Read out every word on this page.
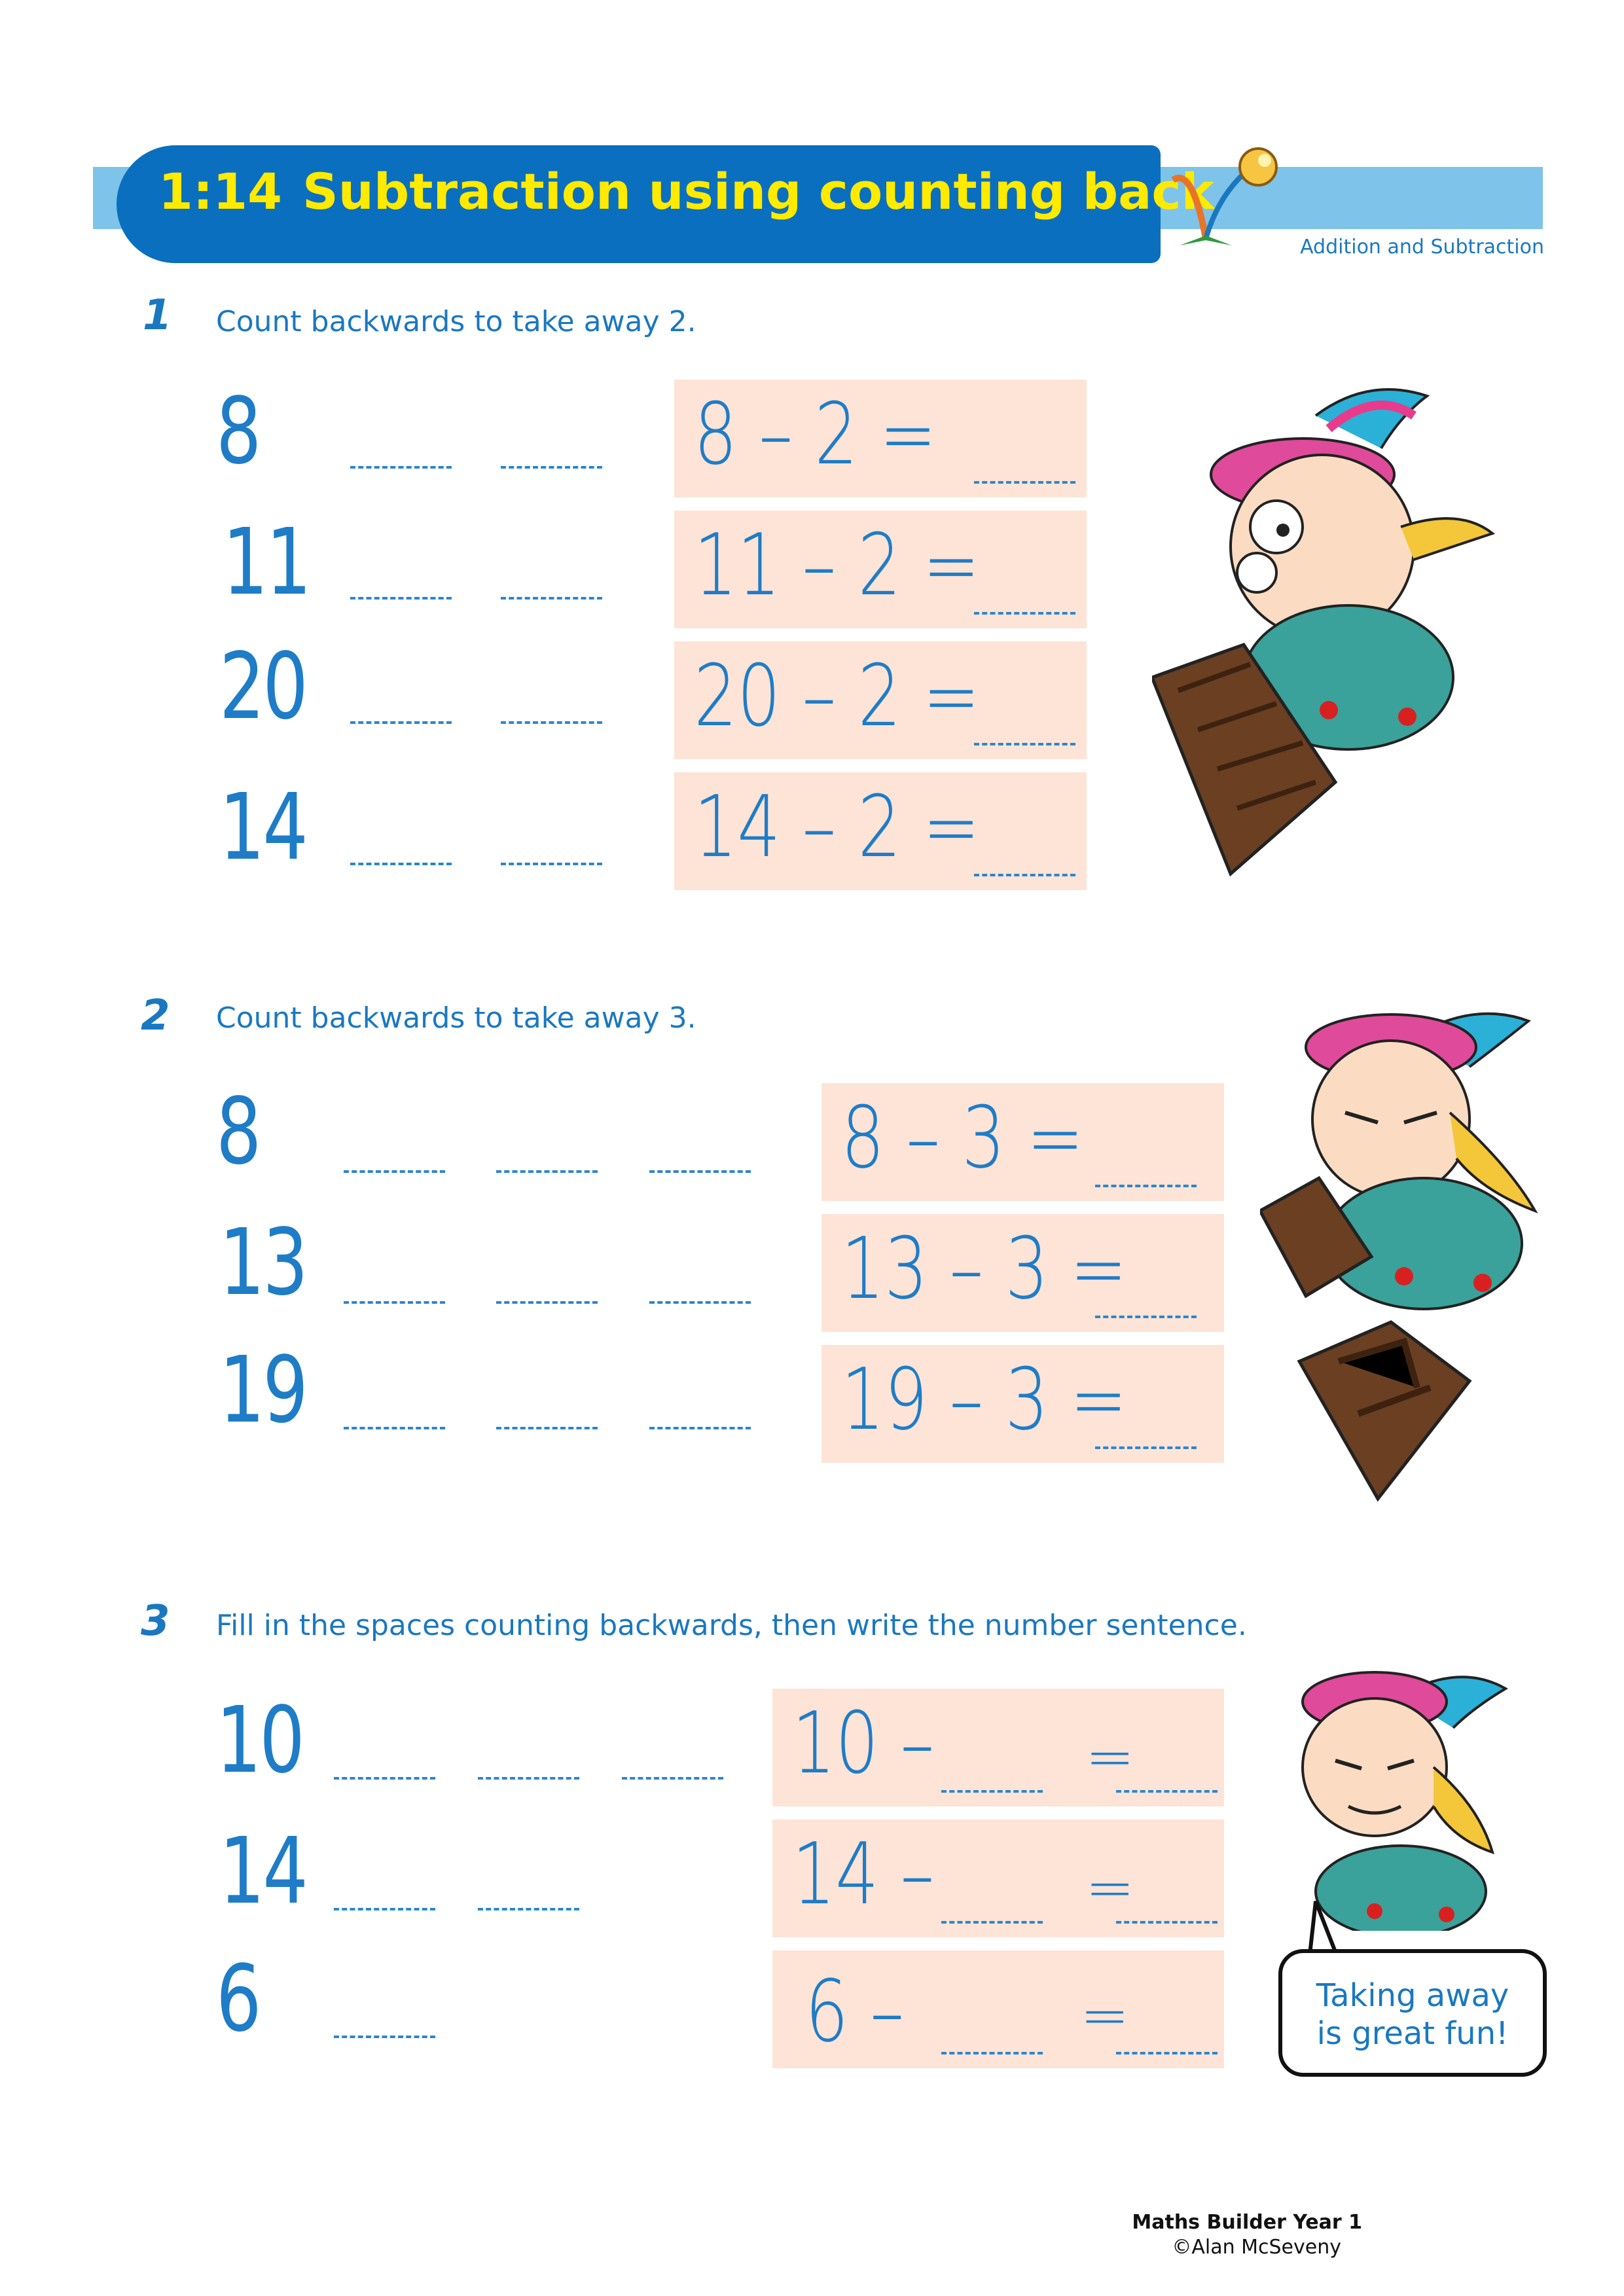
1:14 Subtraction using counting back
Addition and Subtraction
1 Count backwards to take away 2.
8	8 – 2 =
11	11 – 2 =
20	20 – 2 =
14	14 – 2 =
2 Count backwards to take away 3.
8	8 – 3 =
13	13 – 3 =
19	19 – 3 =
3 Fill in the spaces counting backwards, then write the number sentence.
10	10 –	=
14	14 –	=
6	6 –	=	Taking away
is great fun!
Maths Builder Year 1
©Alan McSeveny
